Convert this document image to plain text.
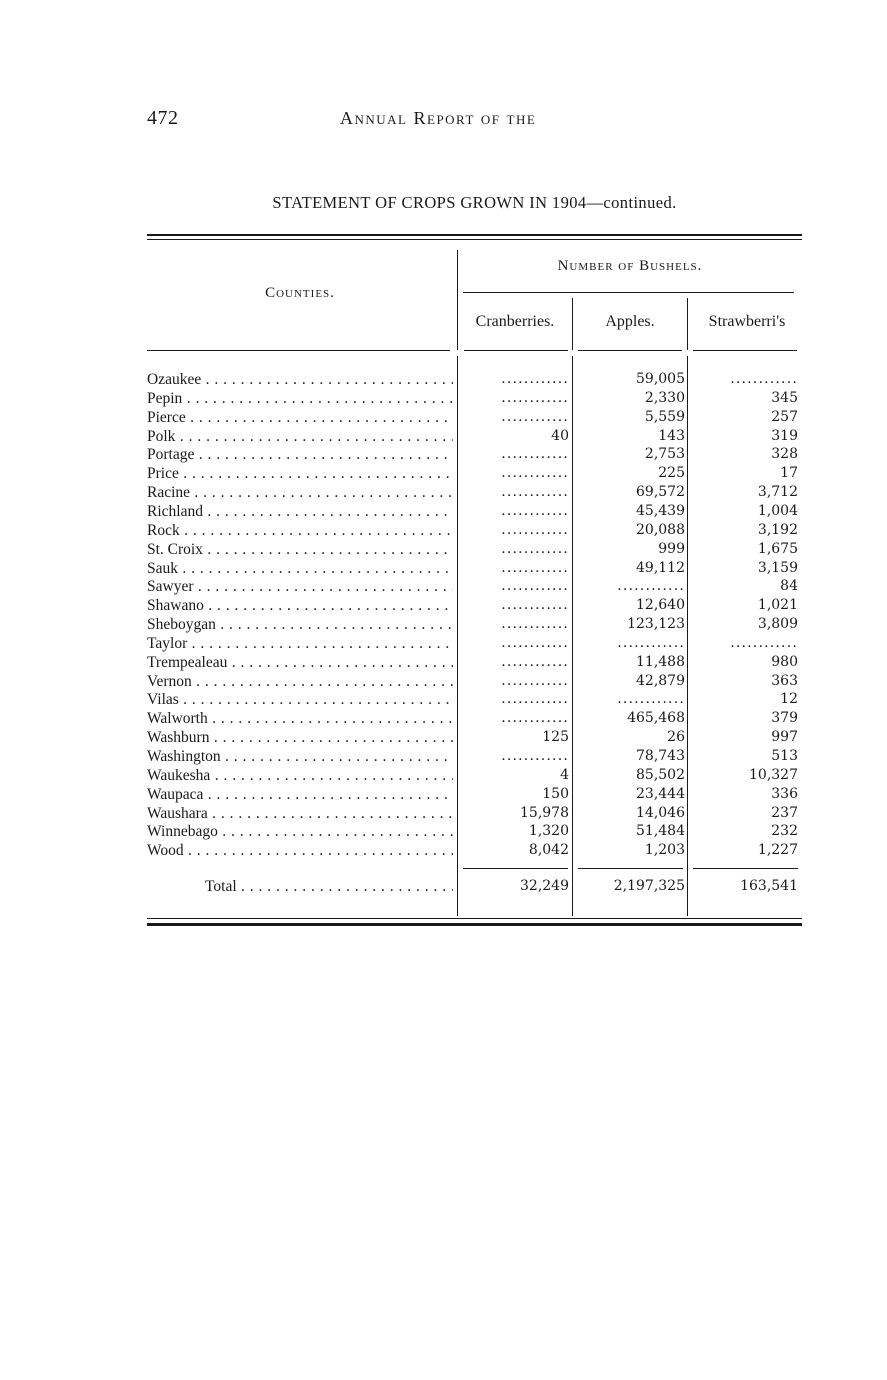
472	Annual Report of the
STATEMENT OF CROPS GROWN IN 1904—continued.
Number of Bushels.
Counties.
Cranberries.	Apples.	Strawberri's
Ozaukee . . .	............	59,005	............
Pepin . . .	............	2,330	345
Pierce . . .	............	5,559	257
Polk . . .	40	143	319
Portage . . .	............	2,753	328
Price . . .	............	225	17
Racine . . .	............	69,572	3,712
Richland . . .	............	45,439	1,004
Rock . . .	............	20,088	3,192
St. Croix . . .	............	999	1,675
Sauk . . .	............	49,112	3,159
Sawyer . . .	............	............	84
Shawano . . .	............	12,640	1,021
Sheboygan . . .	............	123,123	3,809
Taylor . . .	............	............	............
Trempealeau . . .	............	11,488	980
Vernon . . .	............	42,879	363
Vilas . . .	............	............	12
Walworth . . .	............	465,468	379
Washburn . . .	125	26	997
Washington . . .	............	78,743	513
Waukesha . . .	4	85,502	10,327
Waupaca . . .	150	23,444	336
Waushara . . .	15,978	14,046	237
Winnebago . . .	1,320	51,484	232
Wood . . .	8,042	1,203	1,227
Total . . .	32,249	2,197,325	163,541
